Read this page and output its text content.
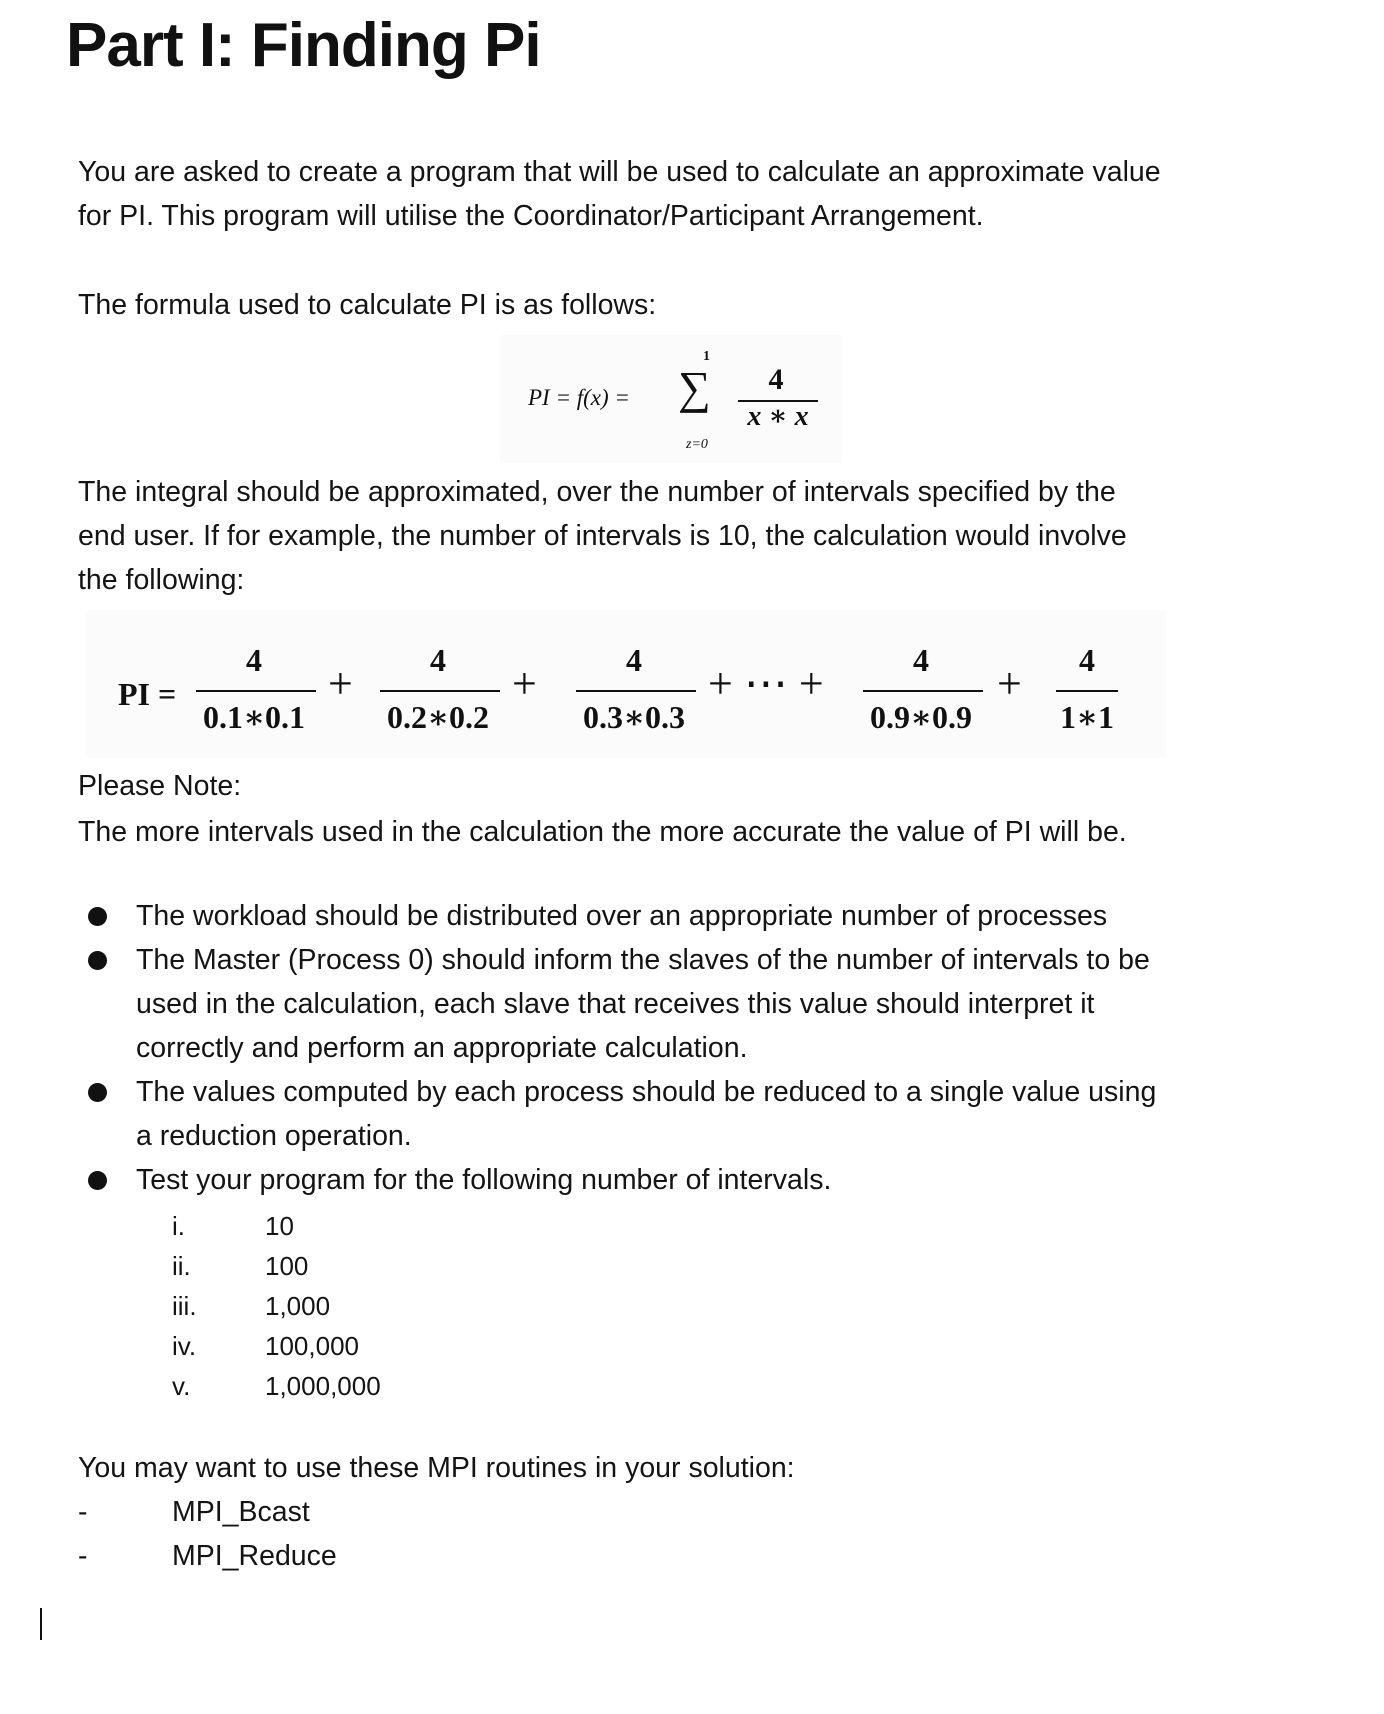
Part I: Finding Pi
You are asked to create a program that will be used to calculate an approximate value
for PI. This program will utilise the Coordinator/Participant Arrangement.

The formula used to calculate PI is as follows:

PI = f(x) =
1
∑
z=0
4
x ∗ x
The integral should be approximated, over the number of intervals specified by the
end user. If for example, the number of intervals is 10, the calculation would involve
the following:
PI =
4
0.1∗0.1
+	4
0.2∗0.2
+	4
0.3∗0.3
+ ⋯ +	4
0.9∗0.9
+	4
1∗1
Please Note:
The more intervals used in the calculation the more accurate the value of PI will be.
The workload should be distributed over an appropriate number of processes
The Master (Process 0) should inform the slaves of the number of intervals to be
used in the calculation, each slave that receives this value should interpret it
correctly and perform an appropriate calculation.
The values computed by each process should be reduced to a single value using
a reduction operation.
Test your program for the following number of intervals.
i.	10
ii.	100
iii.	1,000
iv.	100,000
v.	1,000,000

You may want to use these MPI routines in your solution:

-	MPI_Bcast
-	MPI_Reduce
